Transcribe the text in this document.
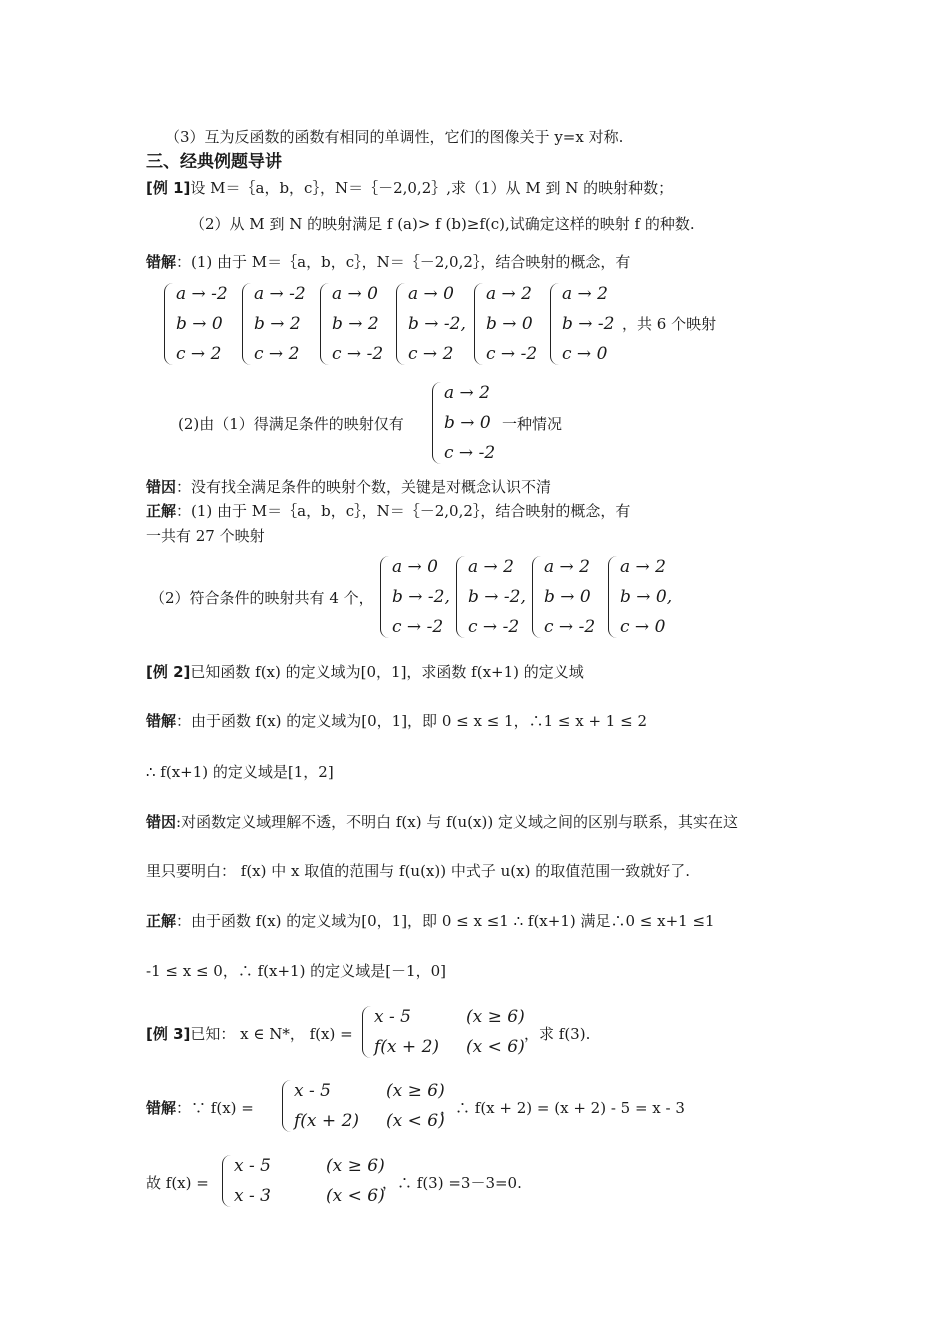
（3）互为反函数的函数有相同的单调性，它们的图像关于 y=x 对称.
三、经典例题导讲
[例 1]设 M＝｛a，b，c｝，N＝｛－2,0,2｝,求（1）从 M 到 N 的映射种数；
（2）从 M 到 N 的映射满足 f (a)> f (b)≥f(c),试确定这样的映射 f 的种数.
错解：(1) 由于 M＝｛a，b，c｝，N＝｛－2,0,2｝，结合映射的概念，有
，共 6 个映射
(2)由（1）得满足条件的映射仅有	一种情况
错因：没有找全满足条件的映射个数，关键是对概念认识不清
正解：(1) 由于 M＝｛a，b，c｝，N＝｛－2,0,2｝，结合映射的概念，有
一共有 27 个映射
（2）符合条件的映射共有 4 个，
[例 2]已知函数 f(x) 的定义域为[0，1]，求函数 f(x+1) 的定义域
错解：由于函数 f(x) 的定义域为[0，1]，即 0 ≤ x ≤ 1，∴1 ≤ x + 1 ≤ 2
∴ f(x+1) 的定义域是[1，2]
错因:对函数定义域理解不透，不明白 f(x) 与 f(u(x)) 定义域之间的区别与联系，其实在这
里只要明白： f(x) 中 x 取值的范围与 f(u(x)) 中式子 u(x) 的取值范围一致就好了.
正解：由于函数 f(x) 的定义域为[0，1]，即 0 ≤ x ≤1 ∴ f(x+1) 满足∴0 ≤ x+1 ≤1
-1 ≤ x ≤ 0，∴ f(x+1) 的定义域是[－1，0]
[例 3]已知： x ∈ N*， f(x) =	，求 f(3).
错解：∵ f(x) =	，∴ f(x + 2) = (x + 2) - 5 = x - 3
故 f(x) =	，∴ f(3) =3－3=0.
a → -2
b → 0
c → 2
a → -2
b → 2
c → 2
a → 0
b → 2
c → -2
a → 0
b → -2,
c → 2
a → 2
b → 0
c → -2
a → 2
b → -2
c → 0
a → 2
b → 0
c → -2
a → 0
b → -2,
c → -2
a → 2
b → -2,
c → -2
a → 2
b → 0
c → -2
a → 2
b → 0,
c → 0
x - 5	(x ≥ 6)
f(x + 2)	(x < 6)
x - 5	(x ≥ 6)
f(x + 2)	(x < 6)
x - 5	(x ≥ 6)
x - 3	(x < 6)
